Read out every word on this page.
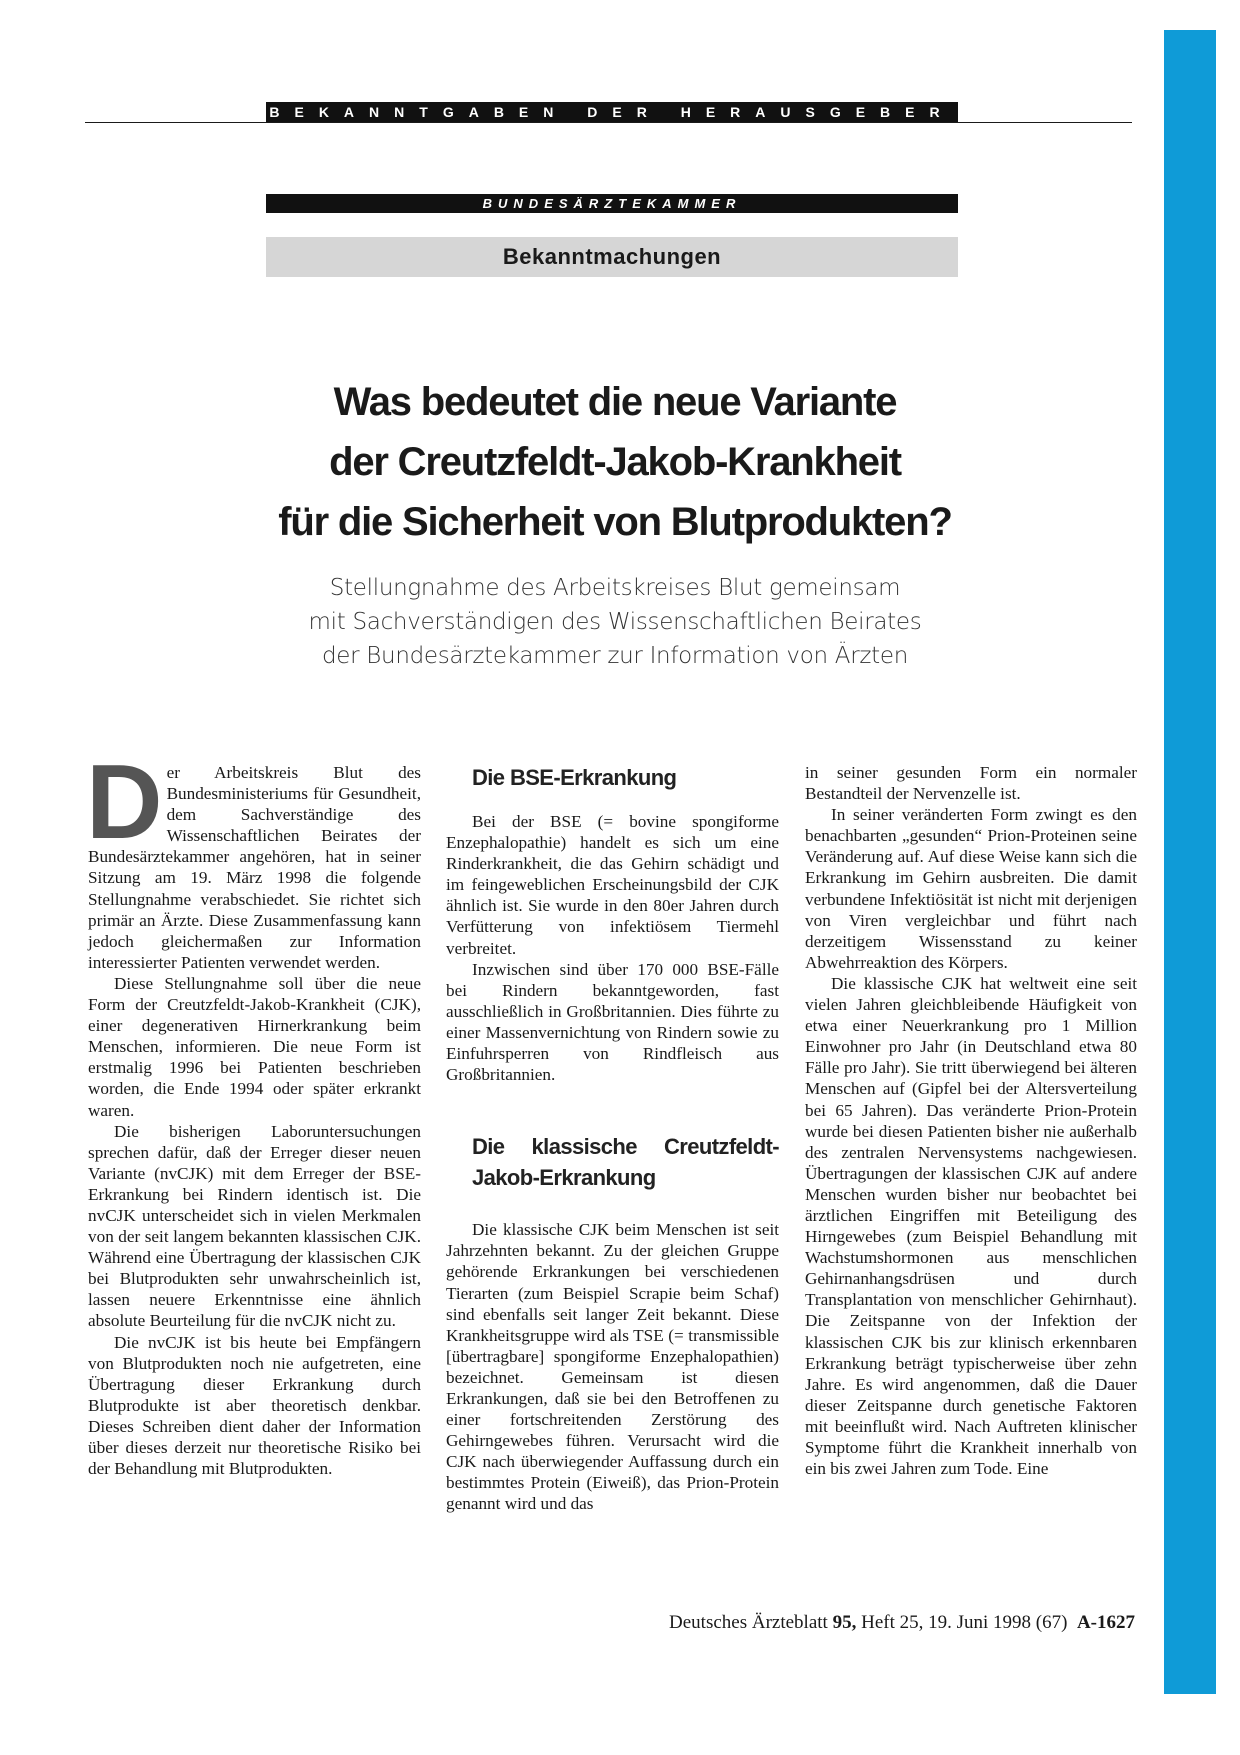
BEKANNTGABEN DER HERAUSGEBER
BUNDESÄRZTEKAMMER
Bekanntmachungen
Was bedeutet die neue Variante
der Creutzfeldt-Jakob-Krankheit
für die Sicherheit von Blutprodukten?
Stellungnahme des Arbeitskreises Blut gemeinsam
mit Sachverständigen des Wissenschaftlichen Beirates
der Bundesärztekammer zur Information von Ärzten

Der Arbeitskreis Blut des Bundesministeriums für Gesundheit, dem Sachverständige des Wissenschaftlichen Beirates der Bundesärztekammer angehören, hat in seiner Sitzung am 19. März 1998 die folgende Stellungnahme verabschiedet. Sie richtet sich primär an Ärzte. Diese Zusammenfassung kann jedoch gleichermaßen zur Information interessierter Patienten verwendet werden.

Diese Stellungnahme soll über die neue Form der Creutzfeldt-Jakob-Krankheit (CJK), einer degenerativen Hirnerkrankung beim Menschen, informieren. Die neue Form ist erstmalig 1996 bei Patienten beschrieben worden, die Ende 1994 oder später erkrankt waren.

Die bisherigen Laboruntersuchungen sprechen dafür, daß der Erreger dieser neuen Variante (nvCJK) mit dem Erreger der BSE-Erkrankung bei Rindern identisch ist. Die nvCJK unterscheidet sich in vielen Merkmalen von der seit langem bekannten klassischen CJK. Während eine Übertragung der klassischen CJK bei Blutprodukten sehr unwahrscheinlich ist, lassen neuere Erkenntnisse eine ähnlich absolute Beurteilung für die nvCJK nicht zu.

Die nvCJK ist bis heute bei Empfängern von Blutprodukten noch nie aufgetreten, eine Übertragung dieser Erkrankung durch Blutprodukte ist aber theoretisch denkbar. Dieses Schreiben dient daher der Information über dieses derzeit nur theoretische Risiko bei der Behandlung mit Blutprodukten.

Die BSE-Erkrankung

Bei der BSE (= bovine spongiforme Enzephalopathie) handelt es sich um eine Rinderkrankheit, die das Gehirn schädigt und im feingeweblichen Erscheinungsbild der CJK ähnlich ist. Sie wurde in den 80er Jahren durch Verfütterung von infektiösem Tiermehl verbreitet.

Inzwischen sind über 170 000 BSE-Fälle bei Rindern bekanntgeworden, fast ausschließlich in Großbritannien. Dies führte zu einer Massenvernichtung von Rindern sowie zu Einfuhrsperren von Rindfleisch aus Großbritannien.

Die klassische Creutzfeldt-Jakob-Erkrankung

Die klassische CJK beim Menschen ist seit Jahrzehnten bekannt. Zu der gleichen Gruppe gehörende Erkrankungen bei verschiedenen Tierarten (zum Beispiel Scrapie beim Schaf) sind ebenfalls seit langer Zeit bekannt. Diese Krankheitsgruppe wird als TSE (= transmissible [übertragbare] spongiforme Enzephalopathien) bezeichnet. Gemeinsam ist diesen Erkrankungen, daß sie bei den Betroffenen zu einer fortschreitenden Zerstörung des Gehirngewebes führen. Verursacht wird die CJK nach überwiegender Auffassung durch ein bestimmtes Protein (Eiweiß), das Prion-Protein genannt wird und das

in seiner gesunden Form ein normaler Bestandteil der Nervenzelle ist.

In seiner veränderten Form zwingt es den benachbarten „gesunden“ Prion-Proteinen seine Veränderung auf. Auf diese Weise kann sich die Erkrankung im Gehirn ausbreiten. Die damit verbundene Infektiösität ist nicht mit derjenigen von Viren vergleichbar und führt nach derzeitigem Wissensstand zu keiner Abwehrreaktion des Körpers.

Die klassische CJK hat weltweit eine seit vielen Jahren gleichbleibende Häufigkeit von etwa einer Neuerkrankung pro 1 Million Einwohner pro Jahr (in Deutschland etwa 80 Fälle pro Jahr). Sie tritt überwiegend bei älteren Menschen auf (Gipfel bei der Altersverteilung bei 65 Jahren). Das veränderte Prion-Protein wurde bei diesen Patienten bisher nie außerhalb des zentralen Nervensystems nachgewiesen. Übertragungen der klassischen CJK auf andere Menschen wurden bisher nur beobachtet bei ärztlichen Eingriffen mit Beteiligung des Hirngewebes (zum Beispiel Behandlung mit Wachstumshormonen aus menschlichen Gehirnanhangsdrüsen und durch Transplantation von menschlicher Gehirnhaut). Die Zeitspanne von der Infektion der klassischen CJK bis zur klinisch erkennbaren Erkrankung beträgt typischerweise über zehn Jahre. Es wird angenommen, daß die Dauer dieser Zeitspanne durch genetische Faktoren mit beeinflußt wird. Nach Auftreten klinischer Symptome führt die Krankheit innerhalb von ein bis zwei Jahren zum Tode. Eine

Deutsches Ärzteblatt 95, Heft 25, 19. Juni 1998 (67) A-1627
